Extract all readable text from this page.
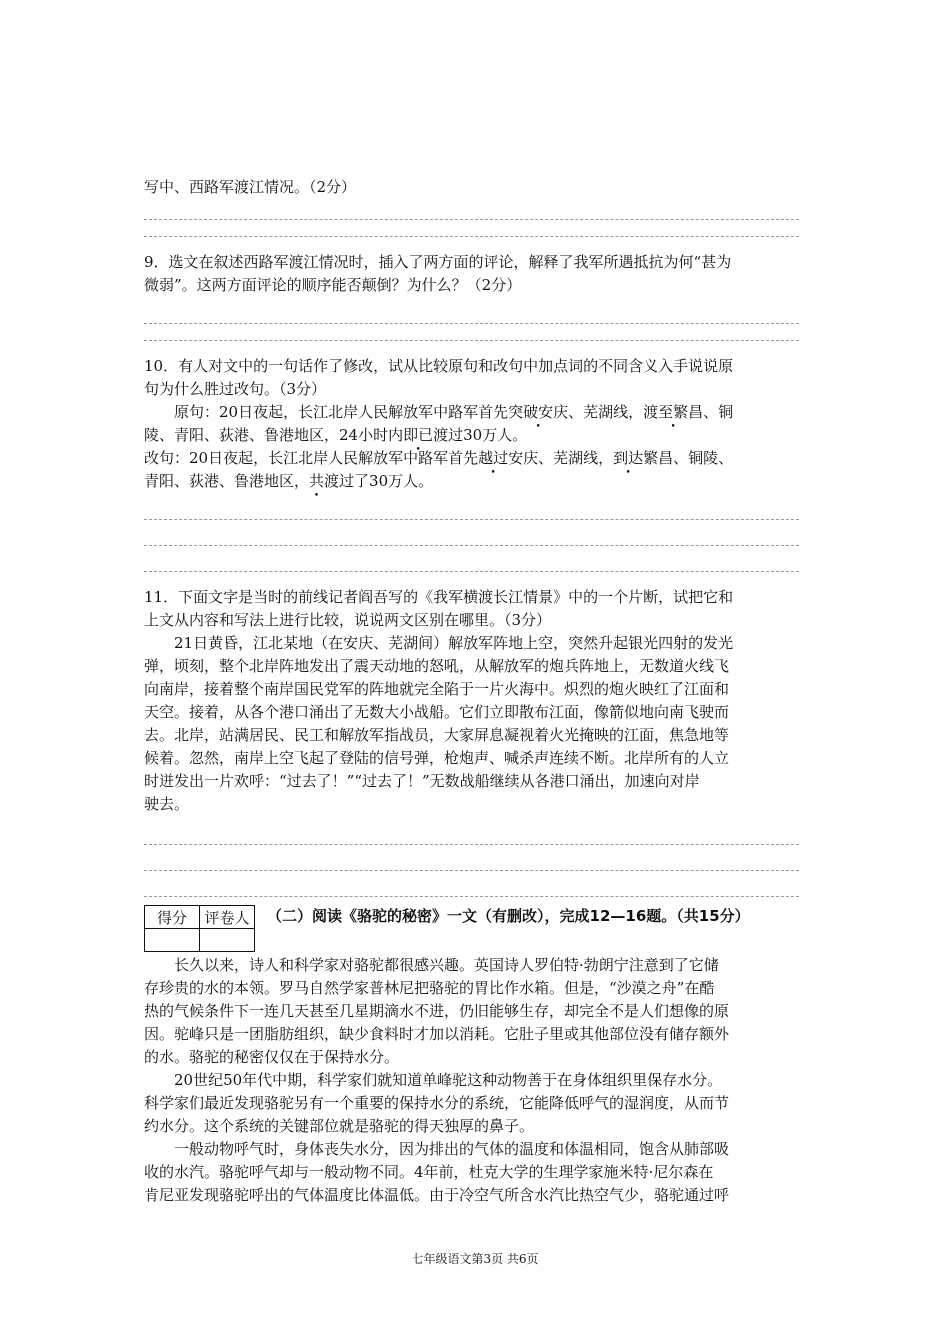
写中、西路军渡江情况。（2分）
9．选文在叙述西路军渡江情况时，插入了两方面的评论，解释了我军所遇抵抗为何“甚为
微弱”。这两方面评论的顺序能否颠倒？为什么？（2分）
10．有人对文中的一句话作了修改，试从比较原句和改句中加点词的不同含义入手说说原
句为什么胜过改句。（3分）
原句：20日夜起，长江北岸人民解放军中路军首先突破安庆、芜湖线，渡至繁昌、铜
陵、青阳、荻港、鲁港地区，24小时内即已渡过30万人。
改句：20日夜起，长江北岸人民解放军中路军首先越过安庆、芜湖线，到达繁昌、铜陵、
青阳、荻港、鲁港地区，共渡过了30万人。
11．下面文字是当时的前线记者阎吾写的《我军横渡长江情景》中的一个片断，试把它和
上文从内容和写法上进行比较，说说两文区别在哪里。（3分）
21日黄昏，江北某地（在安庆、芜湖间）解放军阵地上空，突然升起银光四射的发光
弹，顷刻，整个北岸阵地发出了震天动地的怒吼，从解放军的炮兵阵地上，无数道火线飞
向南岸，接着整个南岸国民党军的阵地就完全陷于一片火海中。炽烈的炮火映红了江面和
天空。接着，从各个港口涌出了无数大小战船。它们立即散布江面，像箭似地向南飞驶而
去。北岸，站满居民、民工和解放军指战员，大家屏息凝视着火光掩映的江面，焦急地等
候着。忽然，南岸上空飞起了登陆的信号弹，枪炮声、喊杀声连续不断。北岸所有的人立
时迸发出一片欢呼：“过去了！”“过去了！”无数战船继续从各港口涌出，加速向对岸
驶去。
得分	评卷人
	（二）阅读《骆驼的秘密》一文（有删改），完成12—16题。（共15分）
长久以来，诗人和科学家对骆驼都很感兴趣。英国诗人罗伯特·勃朗宁注意到了它储
存珍贵的水的本领。罗马自然学家普林尼把骆驼的胃比作水箱。但是，“沙漠之舟”在酷
热的气候条件下一连几天甚至几星期滴水不进，仍旧能够生存，却完全不是人们想像的原
因。驼峰只是一团脂肪组织，缺少食料时才加以消耗。它肚子里或其他部位没有储存额外
的水。骆驼的秘密仅仅在于保持水分。
20世纪50年代中期，科学家们就知道单峰驼这种动物善于在身体组织里保存水分。
科学家们最近发现骆驼另有一个重要的保持水分的系统，它能降低呼气的湿润度，从而节
约水分。这个系统的关键部位就是骆驼的得天独厚的鼻子。
一般动物呼气时，身体丧失水分，因为排出的气体的温度和体温相同，饱含从肺部吸
收的水汽。骆驼呼气却与一般动物不同。4年前，杜克大学的生理学家施米特·尼尔森在
肯尼亚发现骆驼呼出的气体温度比体温低。由于冷空气所含水汽比热空气少，骆驼通过呼
七年级语文第3页 共6页
